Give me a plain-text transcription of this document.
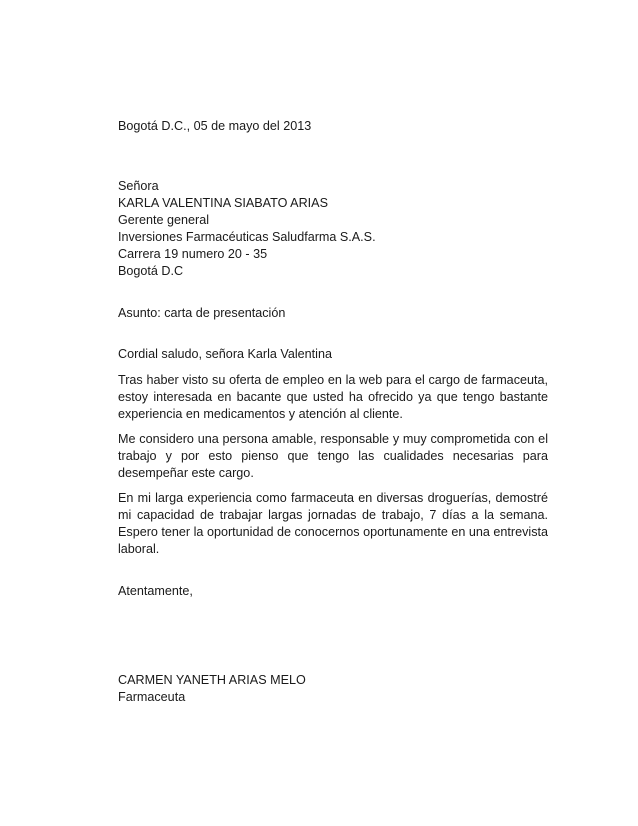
Bogotá D.C., 05 de mayo del 2013
Señora
KARLA VALENTINA SIABATO ARIAS
Gerente general
Inversiones Farmacéuticas Saludfarma S.A.S.
Carrera 19 numero 20 - 35
Bogotá D.C
Asunto: carta de presentación
Cordial saludo, señora Karla Valentina
Tras haber visto su oferta de empleo en la web para el cargo de farmaceuta, estoy interesada en bacante que usted ha ofrecido ya que tengo bastante experiencia en medicamentos y atención al cliente.
Me considero una persona amable, responsable y muy comprometida con el trabajo y por esto pienso que tengo las cualidades necesarias para desempeñar este cargo.
En mi larga experiencia como farmaceuta en diversas droguerías, demostré mi capacidad de trabajar largas jornadas de trabajo, 7 días a la semana. Espero tener la oportunidad de conocernos oportunamente en una entrevista laboral.
Atentamente,
CARMEN YANETH ARIAS MELO
Farmaceuta
